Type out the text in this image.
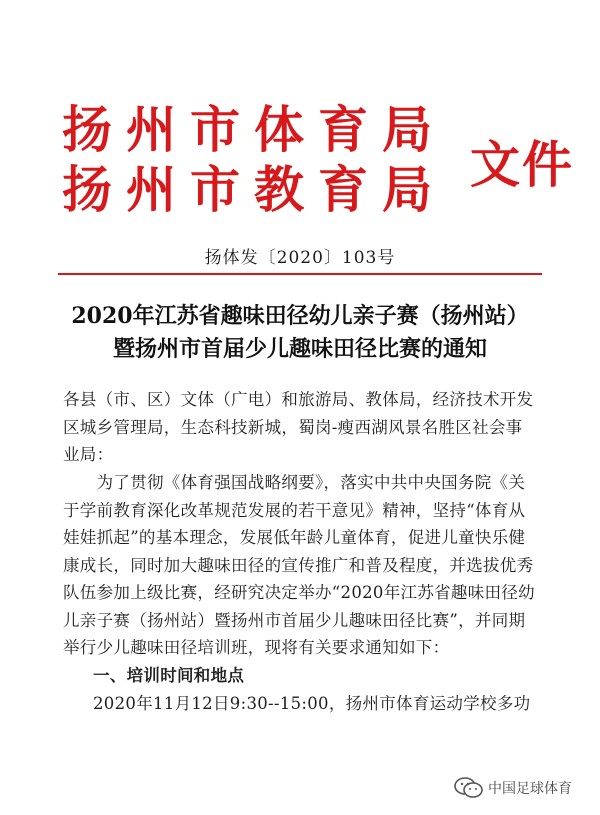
扬州市体育局
扬州市教育局 文件
扬体发〔2020〕103号
2020年江苏省趣味田径幼儿亲子赛（扬州站）
暨扬州市首届少儿趣味田径比赛的通知
各县（市、区）文体（广电）和旅游局、教体局，经济技术开发
区城乡管理局，生态科技新城，蜀岗-瘦西湖风景名胜区社会事
业局：
　　为了贯彻《体育强国战略纲要》，落实中共中央国务院《关
于学前教育深化改革规范发展的若干意见》精神，坚持“体育从
娃娃抓起”的基本理念，发展低年龄儿童体育，促进儿童快乐健
康成长，同时加大趣味田径的宣传推广和普及程度，并选拔优秀
队伍参加上级比赛，经研究决定举办“2020年江苏省趣味田径幼
儿亲子赛（扬州站）暨扬州市首届少儿趣味田径比赛”，并同期
举行少儿趣味田径培训班，现将有关要求通知如下：
一、培训时间和地点
2020年11月12日9:30--15:00，扬州市体育运动学校多功
中国足球体育
